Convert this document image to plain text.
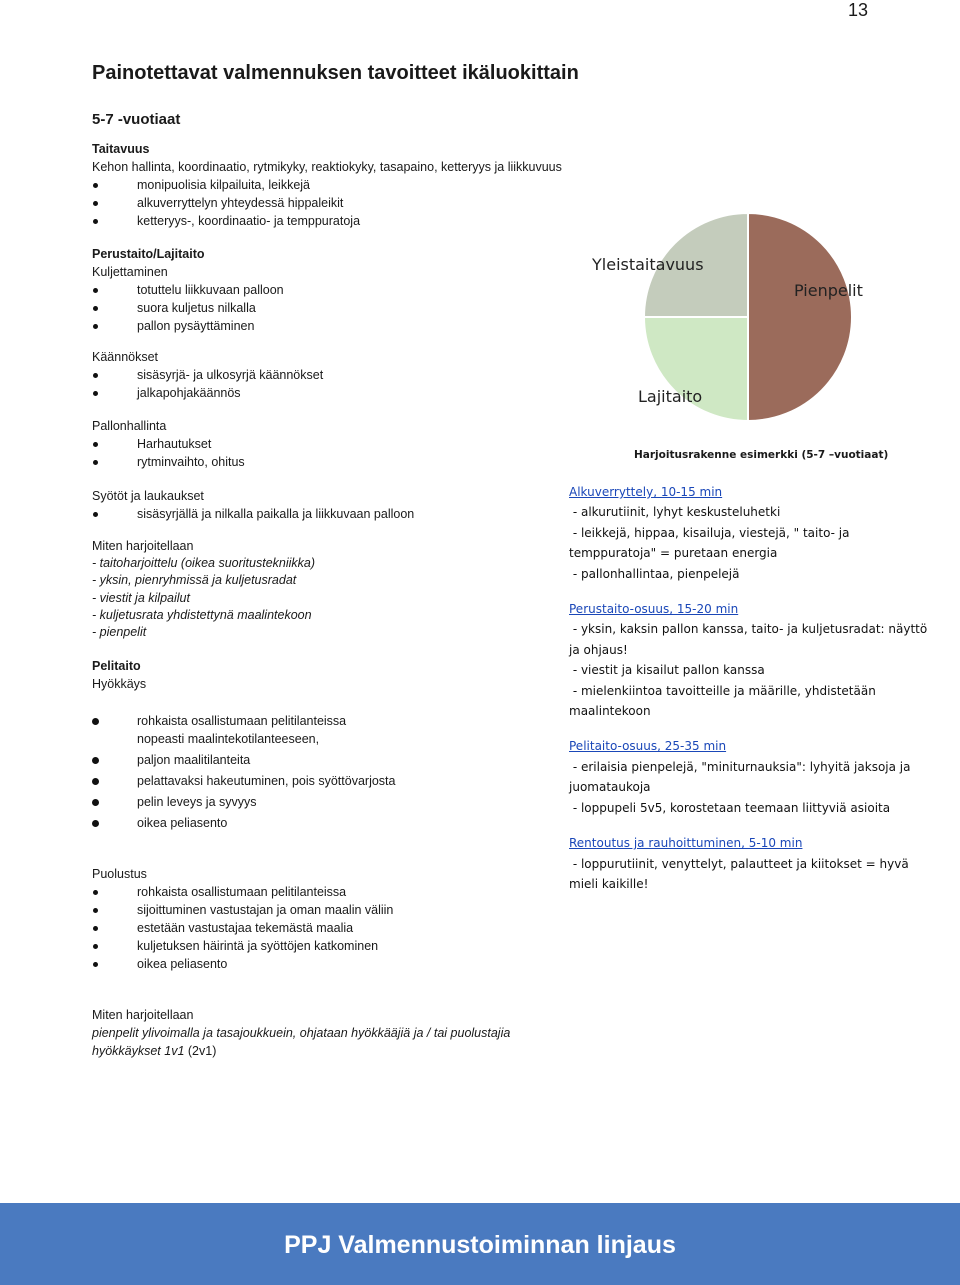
13
Painotettavat valmennuksen tavoitteet ikäluokittain
5-7 -vuotiaat
Taitavuus
Kehon hallinta, koordinaatio, rytmikyky, reaktiokyky, tasapaino, ketteryys ja liikkuvuus
monipuolisia kilpailuita, leikkejä
alkuverryttelyn yhteydessä hippaleikit
ketteryys-, koordinaatio- ja temppuratoja
Perustaito/Lajitaito
Kuljettaminen
totuttelu liikkuvaan palloon
suora kuljetus nilkalla
pallon pysäyttäminen
Käännökset
sisäsyrjä- ja ulkosyrjä käännökset
jalkapohjakäännös
Pallonhallinta
Harhautukset
rytminvaihto, ohitus
Syötöt ja laukaukset
sisäsyrjällä ja nilkalla paikalla ja liikkuvaan palloon
Miten harjoitellaan
- taitoharjoittelu (oikea suoritustekniikka)
- yksin, pienryhmissä ja kuljetusradat
- viestit ja kilpailut
- kuljetusrata yhdistettynä maalintekoon
- pienpelit
Pelitaito
Hyökkäys
rohkaista osallistumaan pelitilanteissa
nopeasti maalintekotilanteeseen,
paljon maalitilanteita
pelattavaksi hakeutuminen, pois syöttövarjosta
pelin leveys ja syvyys
oikea peliasento
Puolustus
rohkaista osallistumaan pelitilanteissa
sijoittuminen vastustajan ja oman maalin väliin
estetään vastustajaa tekemästä maalia
kuljetuksen häirintä ja syöttöjen katkominen
oikea peliasento
Miten harjoitellaan
pienpelit ylivoimalla ja tasajoukkuein, ohjataan hyökkääjiä ja / tai puolustajia
hyökkäykset 1v1 (2v1)
Pienpelit
Lajitaito
Yleistaitavuus
Harjoitusrakenne esimerkki (5-7 –vuotiaat)
Alkuverryttely, 10-15 min
- alkurutiinit, lyhyt keskusteluhetki
- leikkejä, hippaa, kisailuja, viestejä, " taito- ja
temppuratoja" = puretaan energia
- pallonhallintaa, pienpelejä
Perustaito-osuus, 15-20 min
- yksin, kaksin pallon kanssa, taito- ja kuljetusradat: näyttö
ja ohjaus!
- viestit ja kisailut pallon kanssa
- mielenkiintoa tavoitteille ja määrille, yhdistetään
maalintekoon
Pelitaito-osuus, 25-35 min
- erilaisia pienpelejä, "miniturnauksia": lyhyitä jaksoja ja
juomataukoja
- loppupeli 5v5, korostetaan teemaan liittyviä asioita
Rentoutus ja rauhoittuminen, 5-10 min
- loppurutiinit, venyttelyt, palautteet ja kiitokset = hyvä
mieli kaikille!
PPJ Valmennustoiminnan linjaus
